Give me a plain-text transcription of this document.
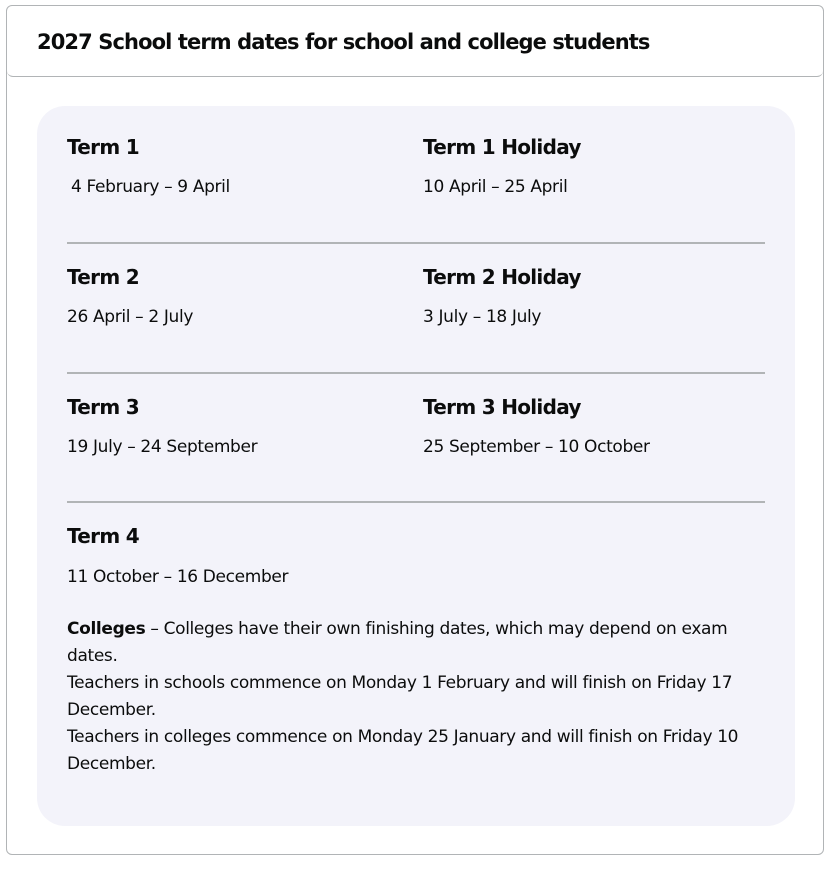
2027 School term dates for school and college students
Term 1
4 February – 9 April
Term 1 Holiday
10 April – 25 April
Term 2
26 April – 2 July
Term 2 Holiday
3 July – 18 July
Term 3
19 July – 24 September
Term 3 Holiday
25 September – 10 October
Term 4
11 October – 16 December

Colleges – Colleges have their own finishing dates, which may depend on exam dates.

Teachers in schools commence on Monday 1 February and will finish on Friday 17 December.

Teachers in colleges commence on Monday 25 January and will finish on Friday 10 December.
